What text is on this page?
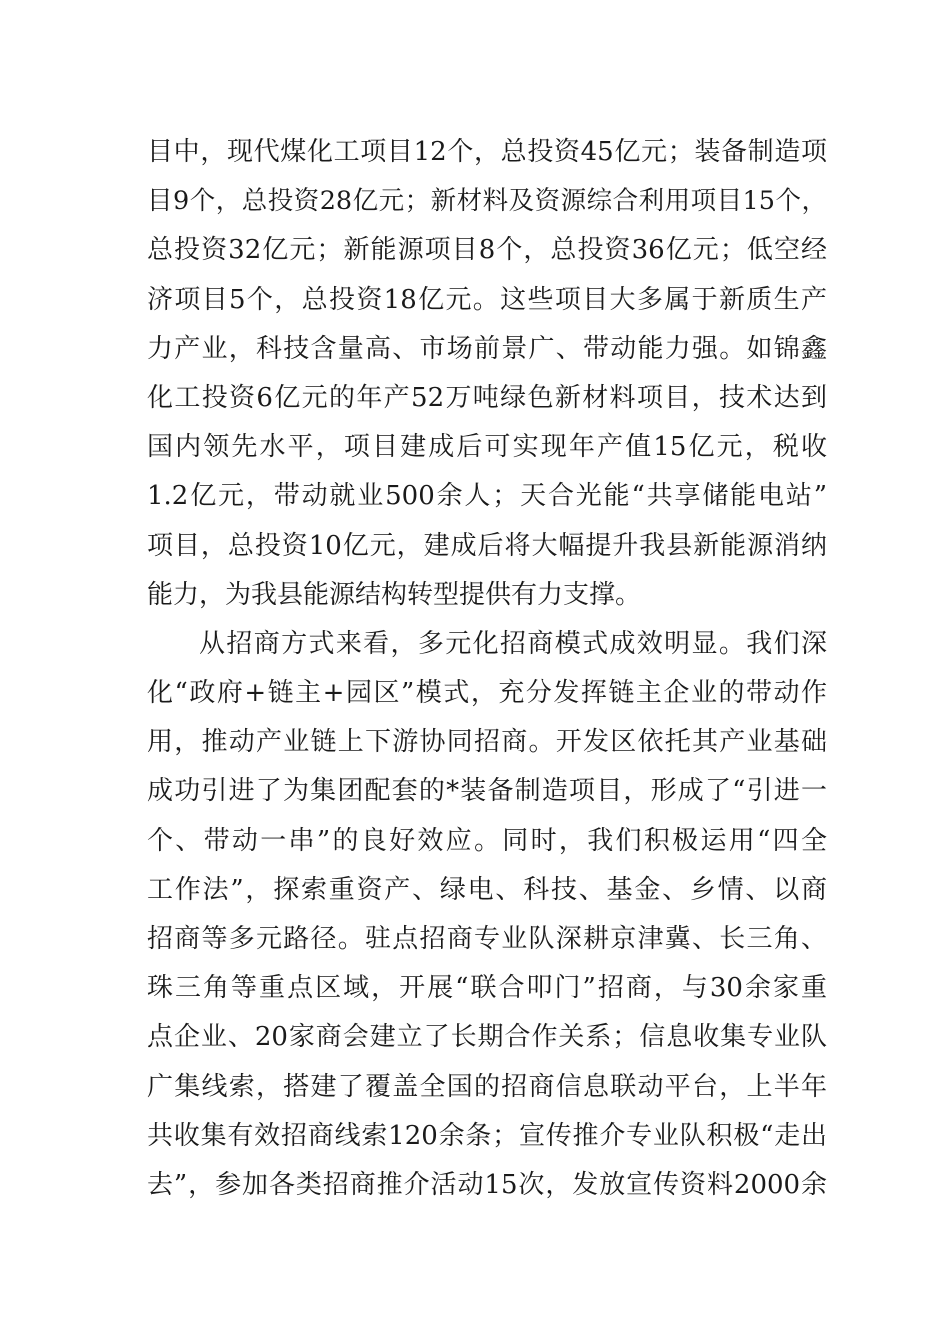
目中，现代煤化工项目12个，总投资45亿元；装备制造项
目9个，总投资28亿元；新材料及资源综合利用项目15个，
总投资32亿元；新能源项目8个，总投资36亿元；低空经
济项目5个，总投资18亿元。这些项目大多属于新质生产
力产业，科技含量高、市场前景广、带动能力强。如锦鑫
化工投资6亿元的年产52万吨绿色新材料项目，技术达到
国内领先水平，项目建成后可实现年产值15亿元，税收
1.2亿元，带动就业500余人；天合光能“共享储能电站”
项目，总投资10亿元，建成后将大幅提升我县新能源消纳
能力，为我县能源结构转型提供有力支撑。
从招商方式来看，多元化招商模式成效明显。我们深
化“政府+链主+园区”模式，充分发挥链主企业的带动作
用，推动产业链上下游协同招商。开发区依托其产业基础
成功引进了为集团配套的*装备制造项目，形成了“引进一
个、带动一串”的良好效应。同时，我们积极运用“四全
工作法”，探索重资产、绿电、科技、基金、乡情、以商
招商等多元路径。驻点招商专业队深耕京津冀、长三角、
珠三角等重点区域，开展“联合叩门”招商，与30余家重
点企业、20家商会建立了长期合作关系；信息收集专业队
广集线索，搭建了覆盖全国的招商信息联动平台，上半年
共收集有效招商线索120余条；宣传推介专业队积极“走出
去”，参加各类招商推介活动15次，发放宣传资料2000余
